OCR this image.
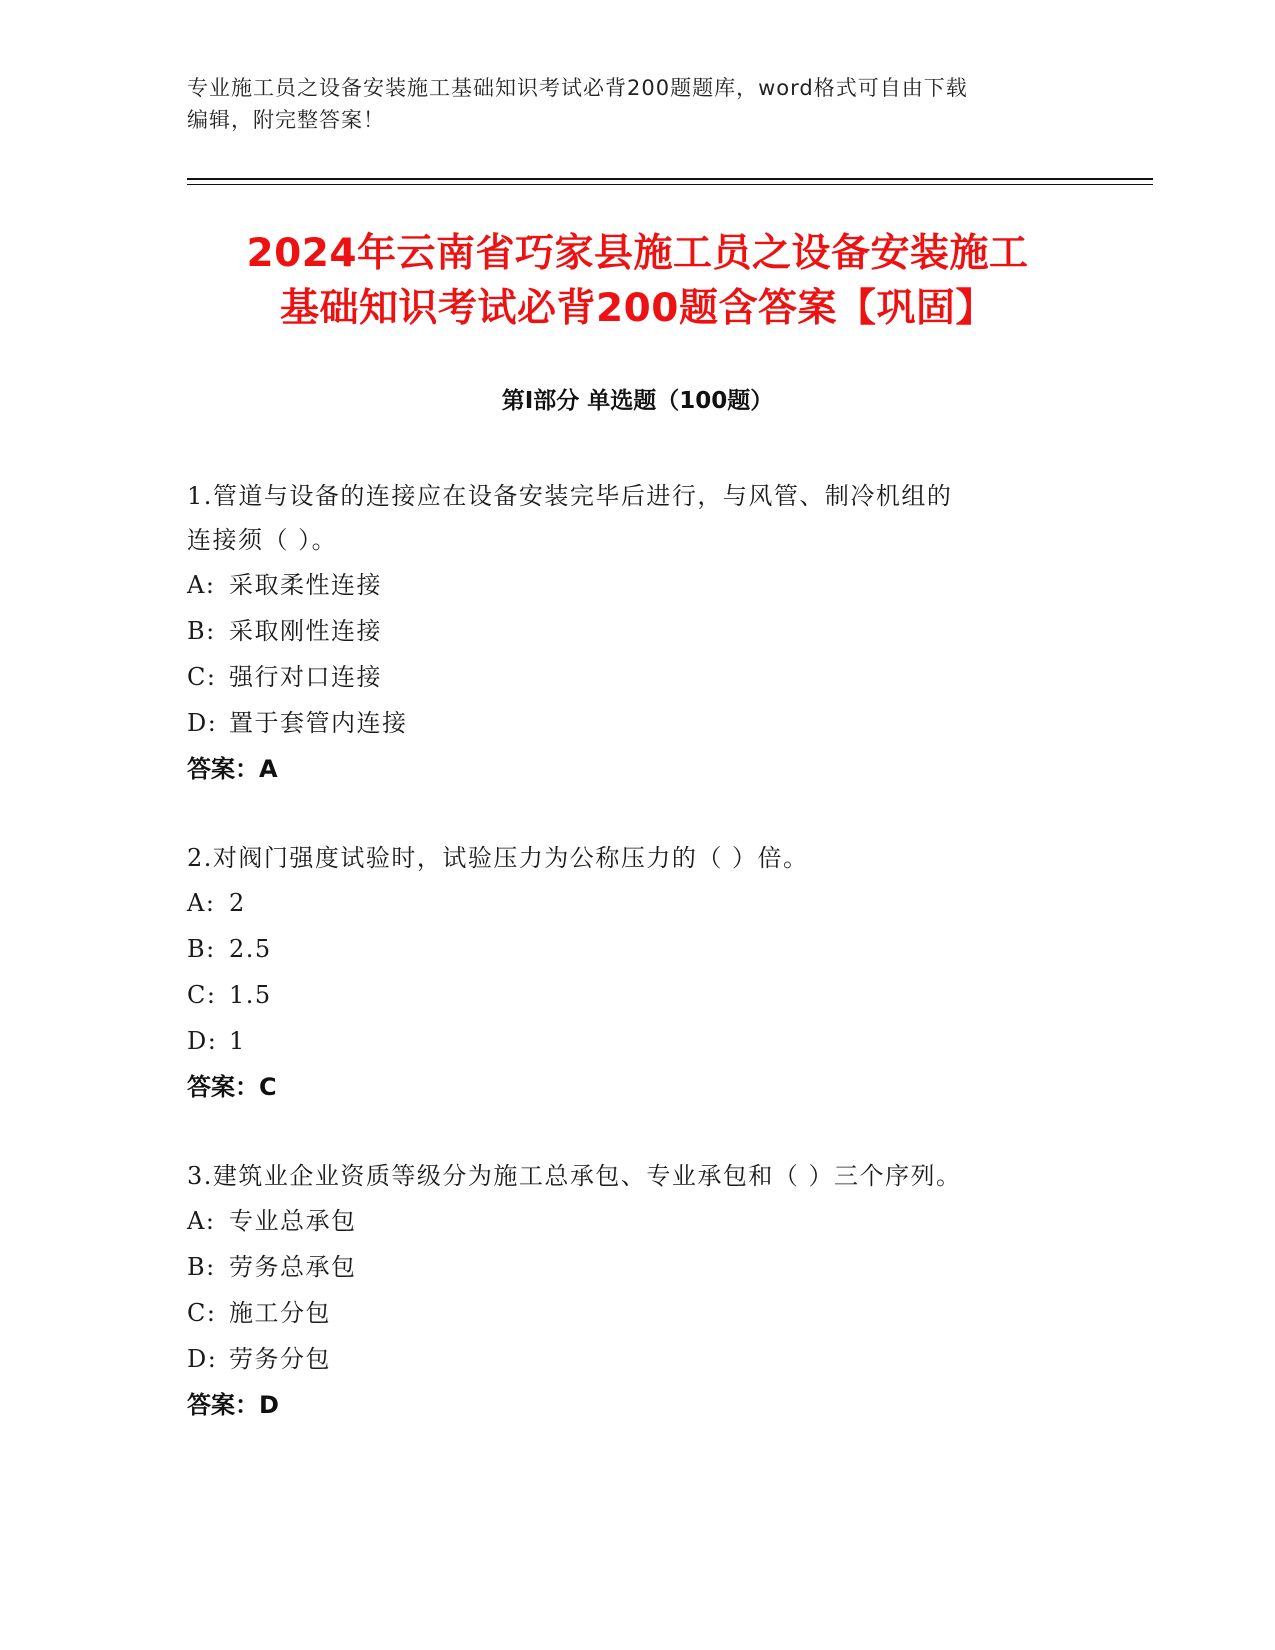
专业施工员之设备安装施工基础知识考试必背200题题库，word格式可自由下载
编辑，附完整答案！
2024年云南省巧家县施工员之设备安装施工
基础知识考试必背200题含答案【巩固】
第Ⅰ部分 单选题（100题）
1.管道与设备的连接应在设备安装完毕后进行，与风管、制冷机组的
连接须（ ）。
A: 采取柔性连接
B: 采取刚性连接
C: 强行对口连接
D: 置于套管内连接
答案：A
2.对阀门强度试验时，试验压力为公称压力的（ ）倍。
A: 2
B: 2.5
C: 1.5
D: 1
答案：C
3.建筑业企业资质等级分为施工总承包、专业承包和（ ）三个序列。
A: 专业总承包
B: 劳务总承包
C: 施工分包
D: 劳务分包
答案：D
